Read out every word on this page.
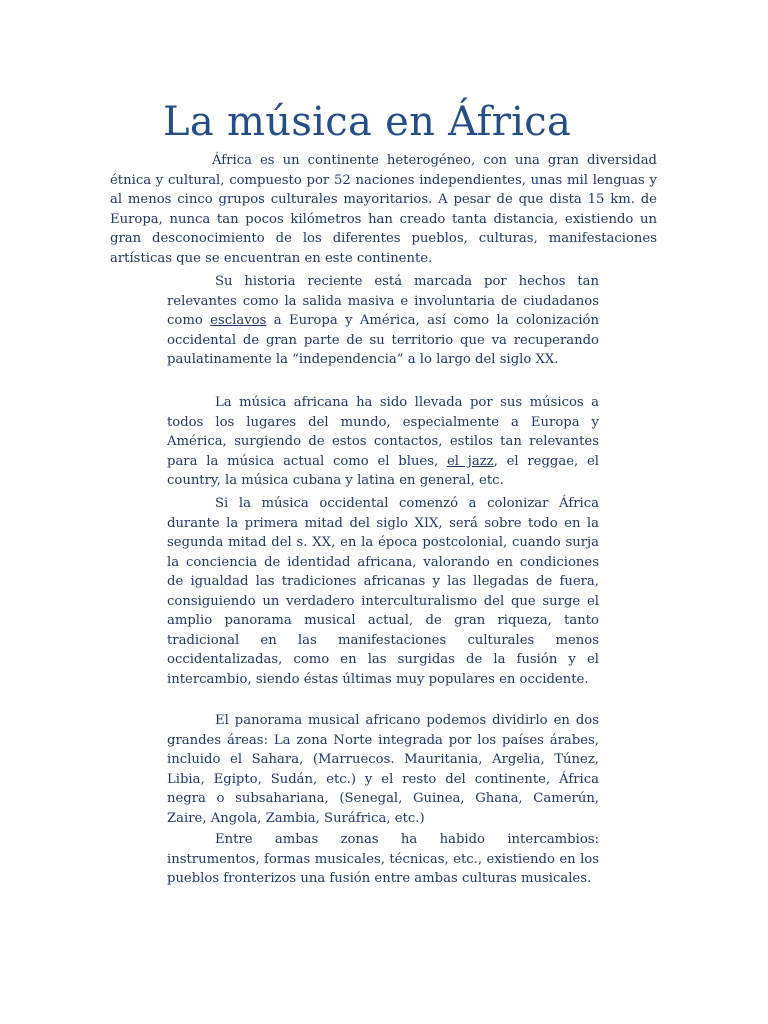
La música en África

África es un continente heterogéneo, con una gran diversidad étnica y cultural, compuesto por 52 naciones independientes, unas mil lenguas y al menos cinco grupos culturales mayoritarios. A pesar de que dista 15 km. de Europa, nunca tan pocos kilómetros han creado tanta distancia, existiendo un gran desconocimiento de los diferentes pueblos, culturas, manifestaciones artísticas que se encuentran en este continente.

Su historia reciente está marcada por hechos tan relevantes como la salida masiva e involuntaria de ciudadanos como esclavos a Europa y América, así como la colonización occidental de gran parte de su territorio que va recuperando paulatinamente la “independencia” a lo largo del siglo XX.

La música africana ha sido llevada por sus músicos a todos los lugares del mundo, especialmente a Europa y América, surgiendo de estos contactos, estilos tan relevantes para la música actual como el blues, el jazz, el reggae, el country, la música cubana y latina en general, etc.

Si la música occidental comenzó a colonizar África durante la primera mitad del siglo XIX, será sobre todo en la segunda mitad del s. XX, en la época postcolonial, cuando surja la conciencia de identidad africana, valorando en condiciones de igualdad las tradiciones africanas y las llegadas de fuera, consiguiendo un verdadero interculturalismo del que surge el amplio panorama musical actual, de gran riqueza, tanto tradicional en las manifestaciones culturales menos occidentalizadas, como en las surgidas de la fusión y el intercambio, siendo éstas últimas muy populares en occidente.

El panorama musical africano podemos dividirlo en dos grandes áreas: La zona Norte integrada por los países árabes, incluido el Sahara, (Marruecos. Mauritania, Argelia, Túnez, Libia, Egipto, Sudán, etc.) y el resto del continente, África negra o subsahariana, (Senegal, Guinea, Ghana, Camerún, Zaire, Angola, Zambia, Suráfrica, etc.)

Entre ambas zonas ha habido intercambios: instrumentos, formas musicales, técnicas, etc., existiendo en los pueblos fronterizos una fusión entre ambas culturas musicales.
